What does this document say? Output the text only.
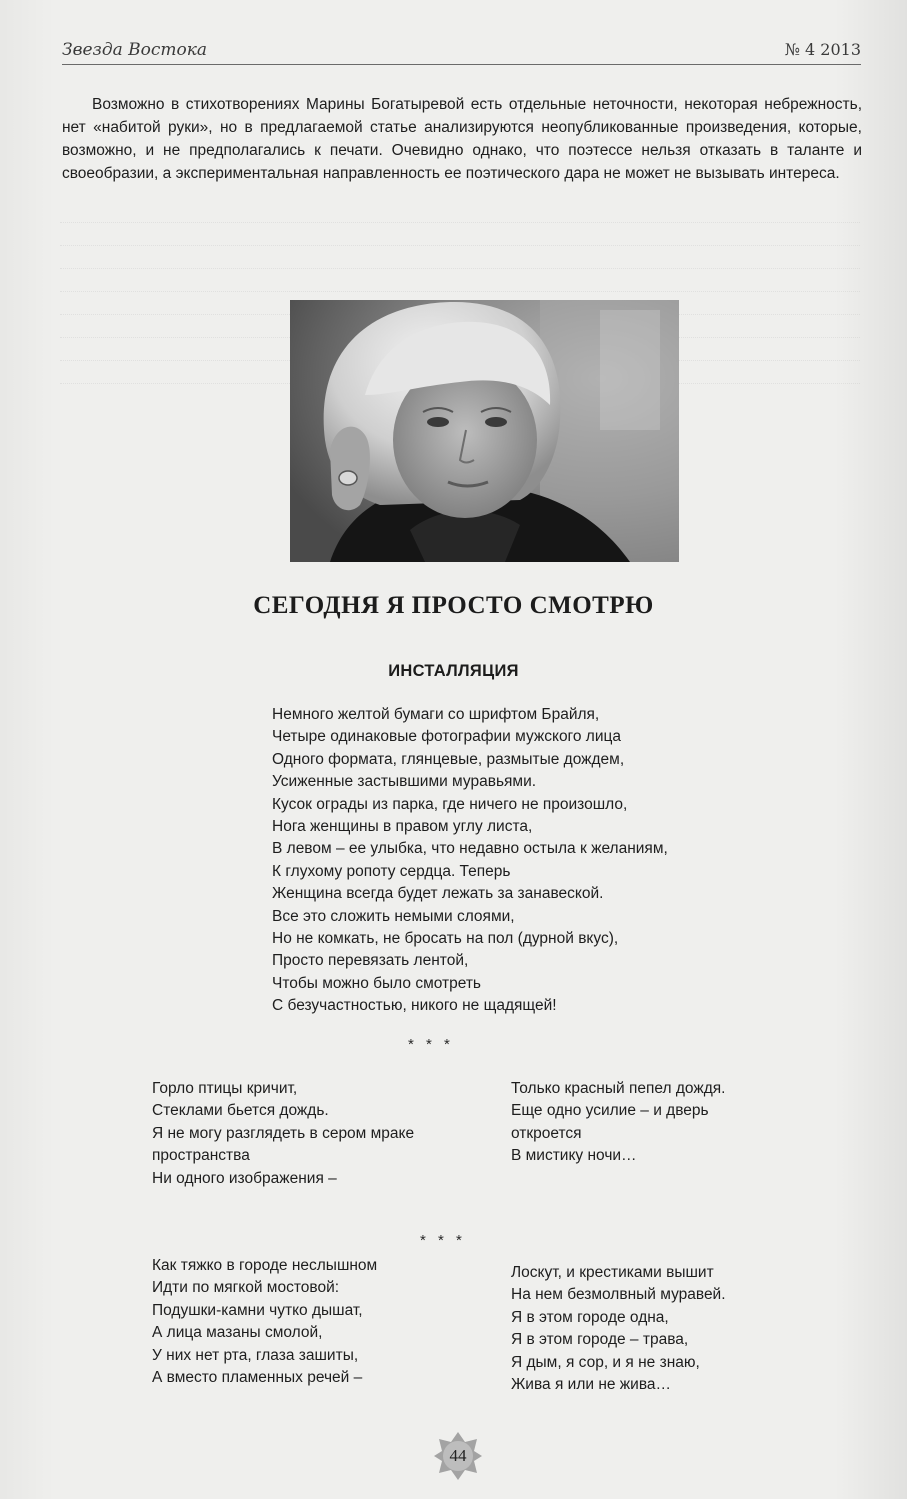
Звезда Востока	№ 4 2013

Возможно в стихотворениях Марины Богатыревой есть отдельные неточности, некоторая небрежность, нет «набитой руки», но в предлагаемой статье анализируются неопубликованные произведения, которые, возможно, и не предполагались к печати. Очевидно однако, что поэтессе нельзя отказать в таланте и своеобразии, а экспериментальная направленность ее поэтического дара не может не вызывать интереса.

СЕГОДНЯ Я ПРОСТО СМОТРЮ
ИНСТАЛЛЯЦИЯ
Немного желтой бумаги со шрифтом Брайля,
Четыре одинаковые фотографии мужского лица
Одного формата, глянцевые, размытые дождем,
Усиженные застывшими муравьями.
Кусок ограды из парка, где ничего не произошло,
Нога женщины в правом углу листа,
В левом – ее улыбка, что недавно остыла к желаниям,
К глухому ропоту сердца. Теперь
Женщина всегда будет лежать за занавеской.
Все это сложить немыми слоями,
Но не комкать, не бросать на пол (дурной вкус),
Просто перевязать лентой,
Чтобы можно было смотреть
С безучастностью, никого не щадящей!
* * *
Горло птицы кричит,
Стеклами бьется дождь.
Я не могу разглядеть в сером мраке
пространства
Ни одного изображения –
Только красный пепел дождя.
Еще одно усилие – и дверь
откроется
В мистику ночи…
* * *
Как тяжко в городе неслышном
Идти по мягкой мостовой:
Подушки-камни чутко дышат,
А лица мазаны смолой,
У них нет рта, глаза зашиты,
А вместо пламенных речей –
Лоскут, и крестиками вышит
На нем безмолвный муравей.
Я в этом городе одна,
Я в этом городе – трава,
Я дым, я сор, и я не знаю,
Жива я или не жива…
44
